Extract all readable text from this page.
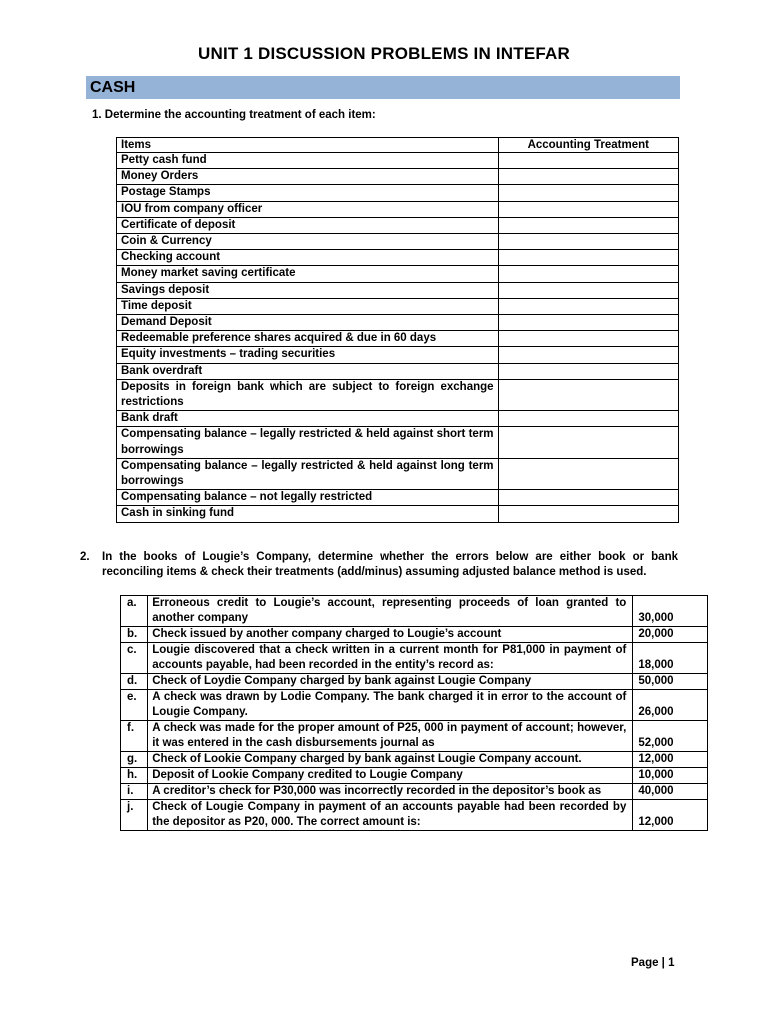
UNIT 1 DISCUSSION PROBLEMS IN INTEFAR
CASH
1. Determine the accounting treatment of each item:
Items	Accounting Treatment
Petty cash fund	
Money Orders	
Postage Stamps	
IOU from company officer	
Certificate of deposit	
Coin & Currency	
Checking account	
Money market saving certificate	
Savings deposit	
Time deposit	
Demand Deposit	
Redeemable preference shares acquired & due in 60 days	
Equity investments – trading securities	
Bank overdraft	
Deposits in foreign bank which are subject to foreign exchange restrictions	
Bank draft	
Compensating balance – legally restricted & held against short term borrowings	
Compensating balance – legally restricted & held against long term borrowings	
Compensating balance – not legally restricted	
Cash in sinking fund	
2. In the books of Lougie’s Company, determine whether the errors below are either book or bank reconciling items & check their treatments (add/minus) assuming adjusted balance method is used.
a.	Erroneous credit to Lougie’s account, representing proceeds of loan granted to another company	30,000
b.	Check issued by another company charged to Lougie’s account	20,000
c.	Lougie discovered that a check written in a current month for P81,000 in payment of accounts payable, had been recorded in the entity’s record as:	18,000
d.	Check of Loydie Company charged by bank against Lougie Company	50,000
e.	A check was drawn by Lodie Company. The bank charged it in error to the account of Lougie Company.	26,000
f.	A check was made for the proper amount of P25, 000 in payment of account; however, it was entered in the cash disbursements journal as	52,000
g.	Check of Lookie Company charged by bank against Lougie Company account.	12,000
h.	Deposit of Lookie Company credited to Lougie Company	10,000
i.	A creditor’s check for P30,000 was incorrectly recorded in the depositor’s book as	40,000
j.	Check of Lougie Company in payment of an accounts payable had been recorded by the depositor as P20, 000. The correct amount is:	12,000
Page | 1
